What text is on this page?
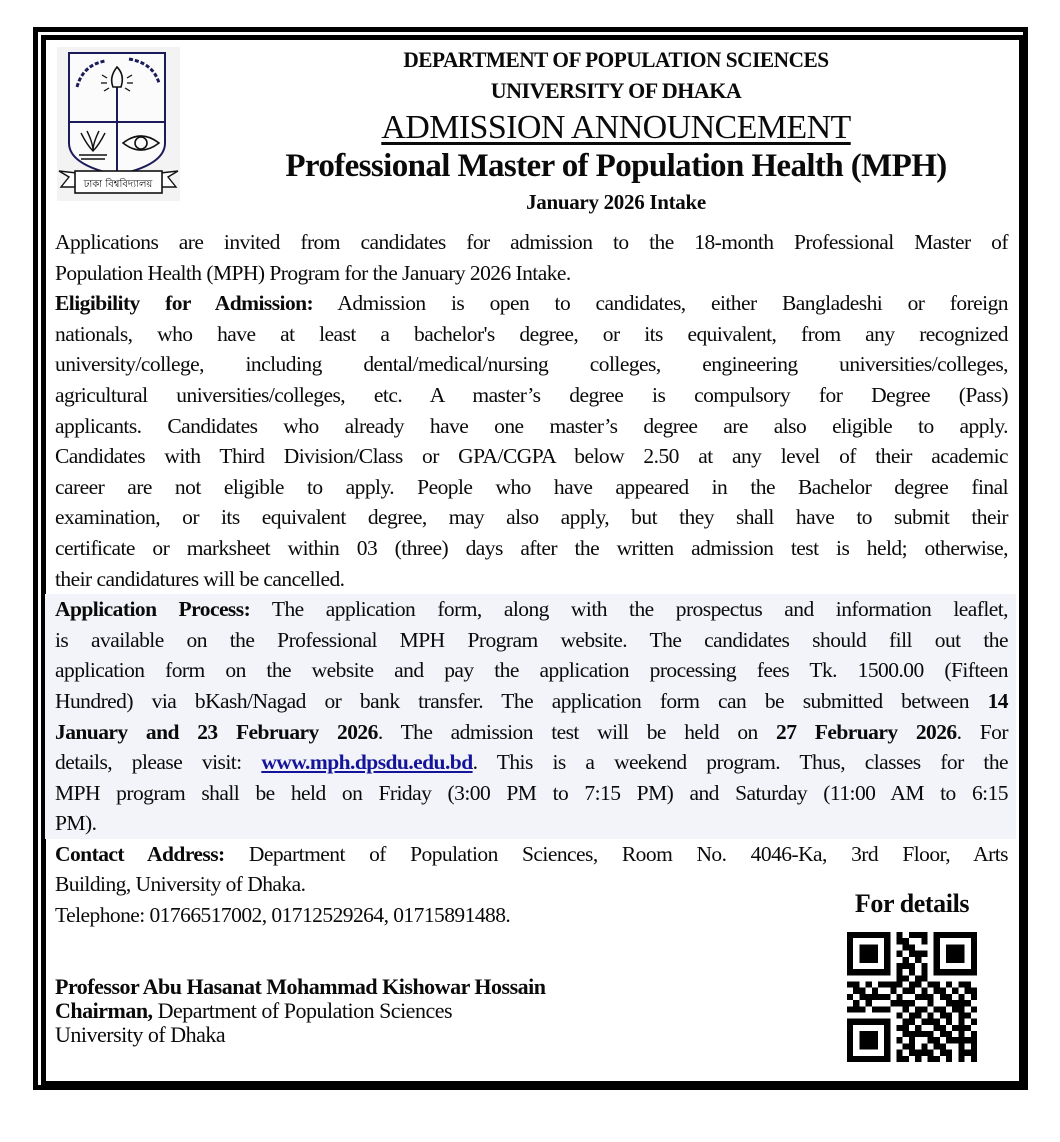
ঢাকা বিশ্ববিদ্যালয়
DEPARTMENT OF POPULATION SCIENCES
UNIVERSITY OF DHAKA
ADMISSION ANNOUNCEMENT
Professional Master of Population Health (MPH)
January 2026 Intake
Applications are invited from candidates for admission to the 18-month Professional Master of
Population Health (MPH) Program for the January 2026 Intake.
Eligibility for Admission: Admission is open to candidates, either Bangladeshi or foreign
nationals, who have at least a bachelor's degree, or its equivalent, from any recognized
university/college, including dental/medical/nursing colleges, engineering universities/colleges,
agricultural universities/colleges, etc. A master’s degree is compulsory for Degree (Pass)
applicants. Candidates who already have one master’s degree are also eligible to apply.
Candidates with Third Division/Class or GPA/CGPA below 2.50 at any level of their academic
career are not eligible to apply. People who have appeared in the Bachelor degree final
examination, or its equivalent degree, may also apply, but they shall have to submit their
certificate or marksheet within 03 (three) days after the written admission test is held; otherwise,
their candidatures will be cancelled.
Application Process: The application form, along with the prospectus and information leaflet,
is available on the Professional MPH Program website. The candidates should fill out the
application form on the website and pay the application processing fees Tk. 1500.00 (Fifteen
Hundred) via bKash/Nagad or bank transfer. The application form can be submitted between 14
January and 23 February 2026. The admission test will be held on 27 February 2026. For
details, please visit: www.mph.dpsdu.edu.bd. This is a weekend program. Thus, classes for the
MPH program shall be held on Friday (3:00 PM to 7:15 PM) and Saturday (11:00 AM to 6:15
PM).
Contact Address: Department of Population Sciences, Room No. 4046-Ka, 3rd Floor, Arts
Building, University of Dhaka.
Telephone: 01766517002, 01712529264, 01715891488.
Professor Abu Hasanat Mohammad Kishowar Hossain
Chairman, Department of Population Sciences
University of Dhaka
For details
